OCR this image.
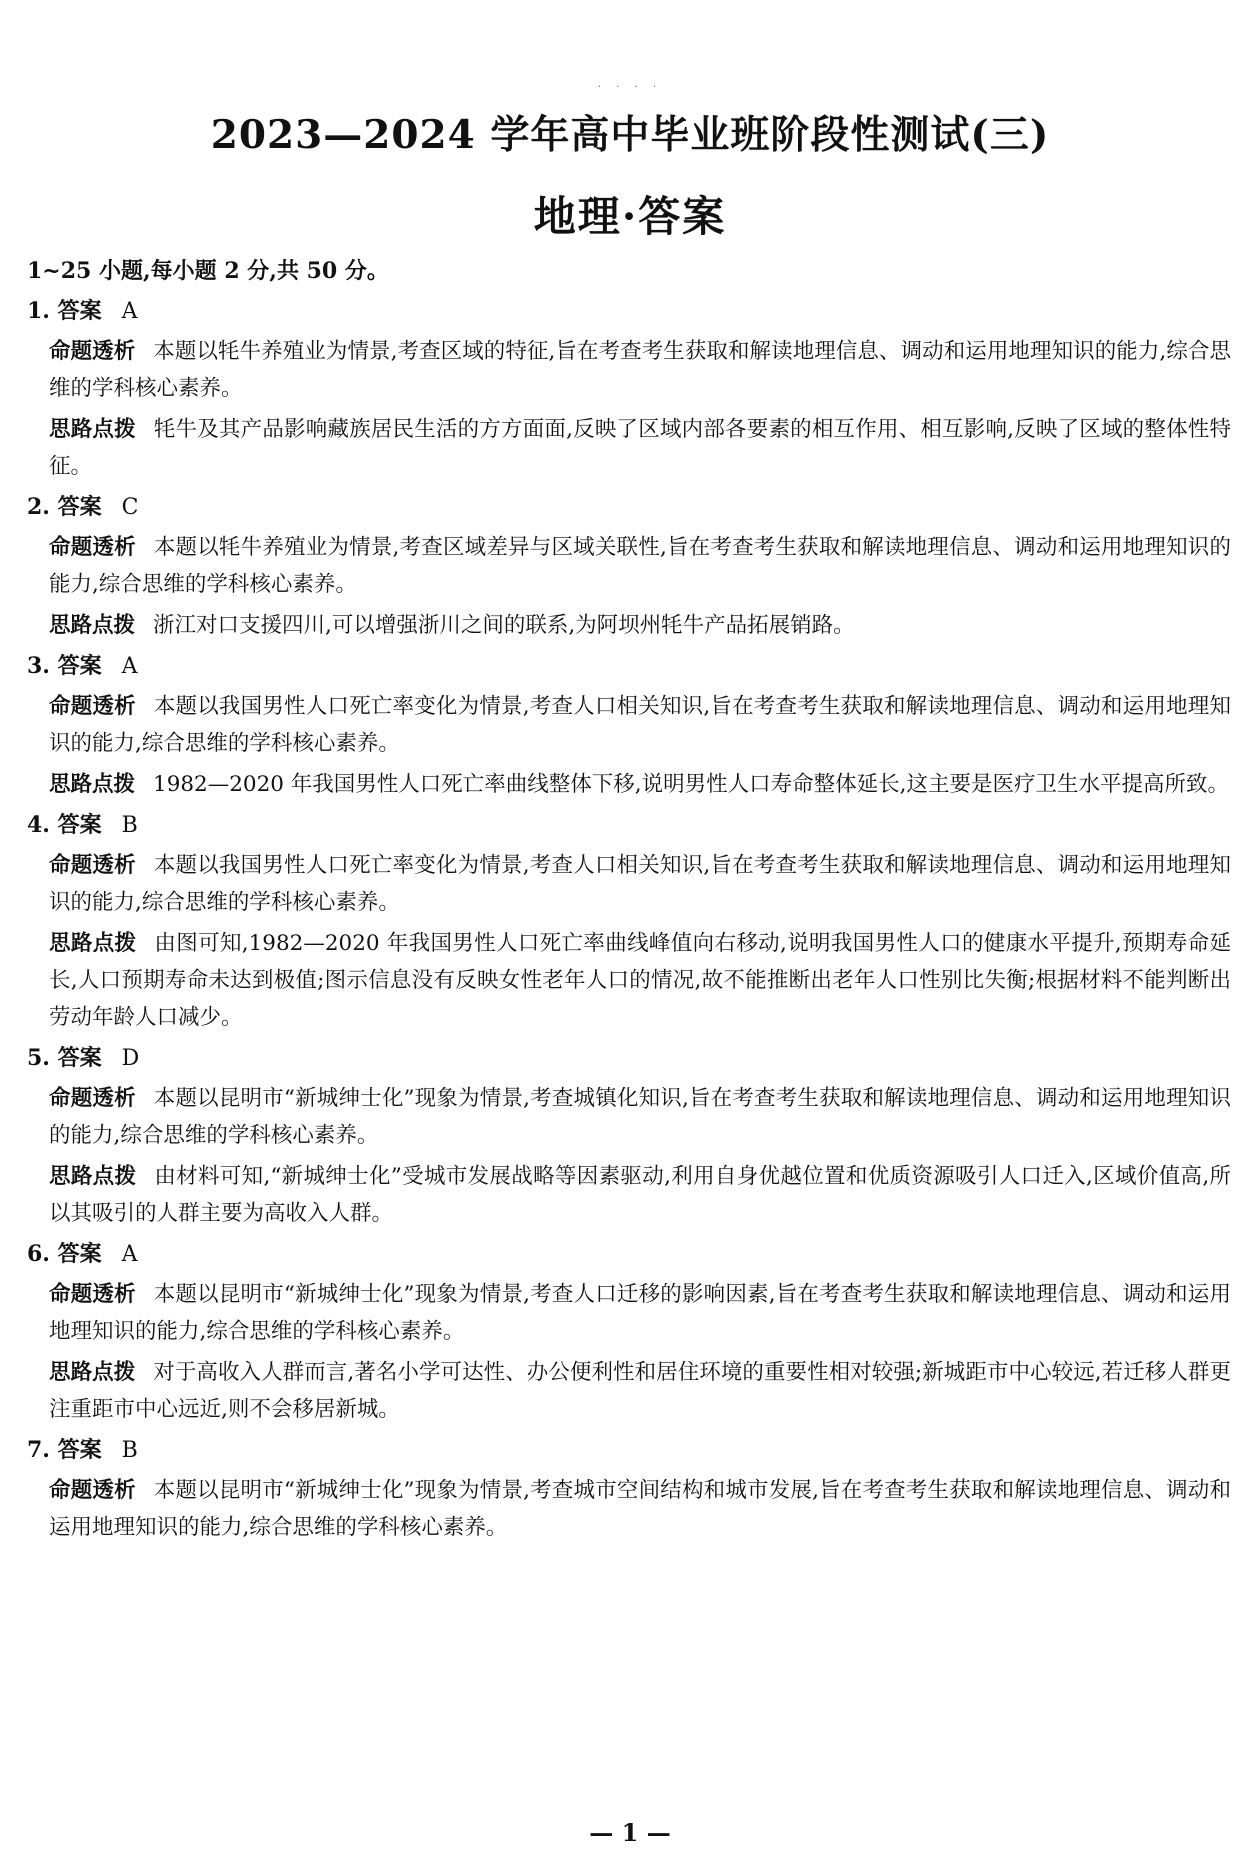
· · · ·
2023—2024 学年高中毕业班阶段性测试(三)
地理·答案
1~25 小题,每小题 2 分,共 50 分。
1. 答案 A
命题透析 本题以牦牛养殖业为情景,考查区域的特征,旨在考查考生获取和解读地理信息、调动和运用地理知识的能力,综合思维的学科核心素养。
思路点拨 牦牛及其产品影响藏族居民生活的方方面面,反映了区域内部各要素的相互作用、相互影响,反映了区域的整体性特征。
2. 答案 C
命题透析 本题以牦牛养殖业为情景,考查区域差异与区域关联性,旨在考查考生获取和解读地理信息、调动和运用地理知识的能力,综合思维的学科核心素养。
思路点拨 浙江对口支援四川,可以增强浙川之间的联系,为阿坝州牦牛产品拓展销路。
3. 答案 A
命题透析 本题以我国男性人口死亡率变化为情景,考查人口相关知识,旨在考查考生获取和解读地理信息、调动和运用地理知识的能力,综合思维的学科核心素养。
思路点拨 1982—2020 年我国男性人口死亡率曲线整体下移,说明男性人口寿命整体延长,这主要是医疗卫生水平提高所致。
4. 答案 B
命题透析 本题以我国男性人口死亡率变化为情景,考查人口相关知识,旨在考查考生获取和解读地理信息、调动和运用地理知识的能力,综合思维的学科核心素养。
思路点拨 由图可知,1982—2020 年我国男性人口死亡率曲线峰值向右移动,说明我国男性人口的健康水平提升,预期寿命延长,人口预期寿命未达到极值;图示信息没有反映女性老年人口的情况,故不能推断出老年人口性别比失衡;根据材料不能判断出劳动年龄人口减少。
5. 答案 D
命题透析 本题以昆明市“新城绅士化”现象为情景,考查城镇化知识,旨在考查考生获取和解读地理信息、调动和运用地理知识的能力,综合思维的学科核心素养。
思路点拨 由材料可知,“新城绅士化”受城市发展战略等因素驱动,利用自身优越位置和优质资源吸引人口迁入,区域价值高,所以其吸引的人群主要为高收入人群。
6. 答案 A
命题透析 本题以昆明市“新城绅士化”现象为情景,考查人口迁移的影响因素,旨在考查考生获取和解读地理信息、调动和运用地理知识的能力,综合思维的学科核心素养。
思路点拨 对于高收入人群而言,著名小学可达性、办公便利性和居住环境的重要性相对较强;新城距市中心较远,若迁移人群更注重距市中心远近,则不会移居新城。
7. 答案 B
命题透析 本题以昆明市“新城绅士化”现象为情景,考查城市空间结构和城市发展,旨在考查考生获取和解读地理信息、调动和运用地理知识的能力,综合思维的学科核心素养。
— 1 —
